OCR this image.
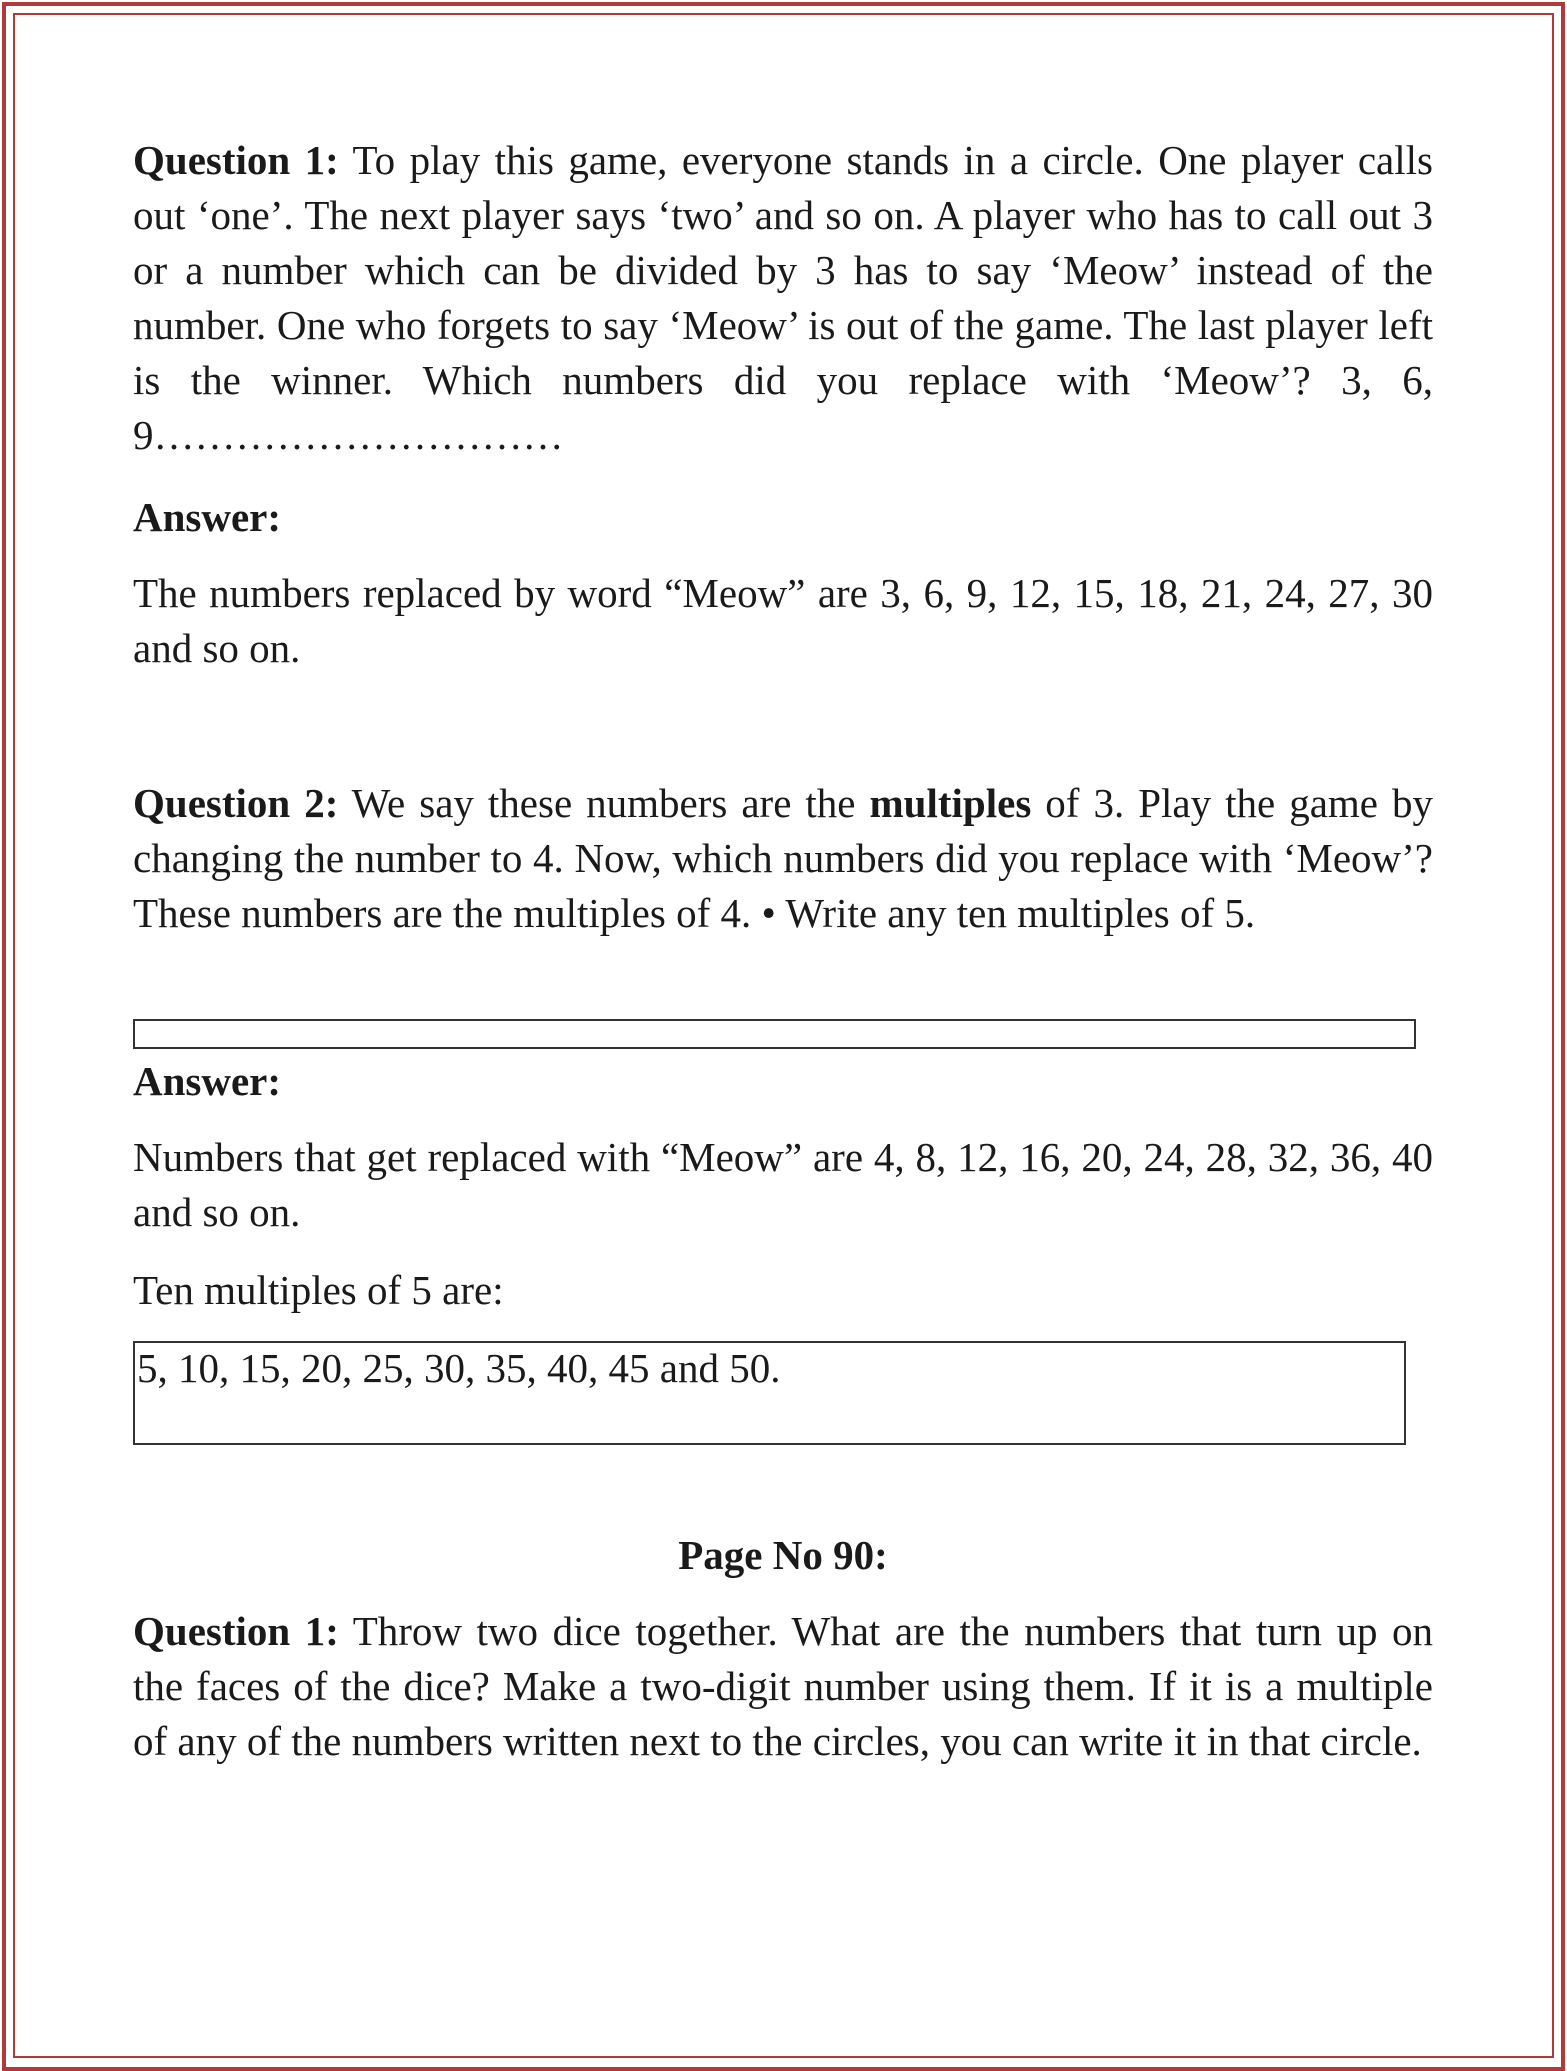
Question 1: To play this game, everyone stands in a circle. One player calls out ‘one’. The next player says ‘two’ and so on. A player who has to call out 3 or a number which can be divided by 3 has to say ‘Meow’ instead of the number. One who forgets to say ‘Meow’ is out of the game. The last player left is the winner. Which numbers did you replace with ‘Meow’? 3, 6, 9…………………………

Answer:

The numbers replaced by word “Meow” are 3, 6, 9, 12, 15, 18, 21, 24, 27, 30 and so on.

Question 2: We say these numbers are the multiples of 3. Play the game by changing the number to 4. Now, which numbers did you replace with ‘Meow’? These numbers are the multiples of 4. • Write any ten multiples of 5.

Answer:

Numbers that get replaced with “Meow” are 4, 8, 12, 16, 20, 24, 28, 32, 36, 40 and so on.

Ten multiples of 5 are:

5, 10, 15, 20, 25, 30, 35, 40, 45 and 50.

Page No 90:

Question 1: Throw two dice together. What are the numbers that turn up on the faces of the dice? Make a two-digit number using them. If it is a multiple of any of the numbers written next to the circles, you can write it in that circle.
